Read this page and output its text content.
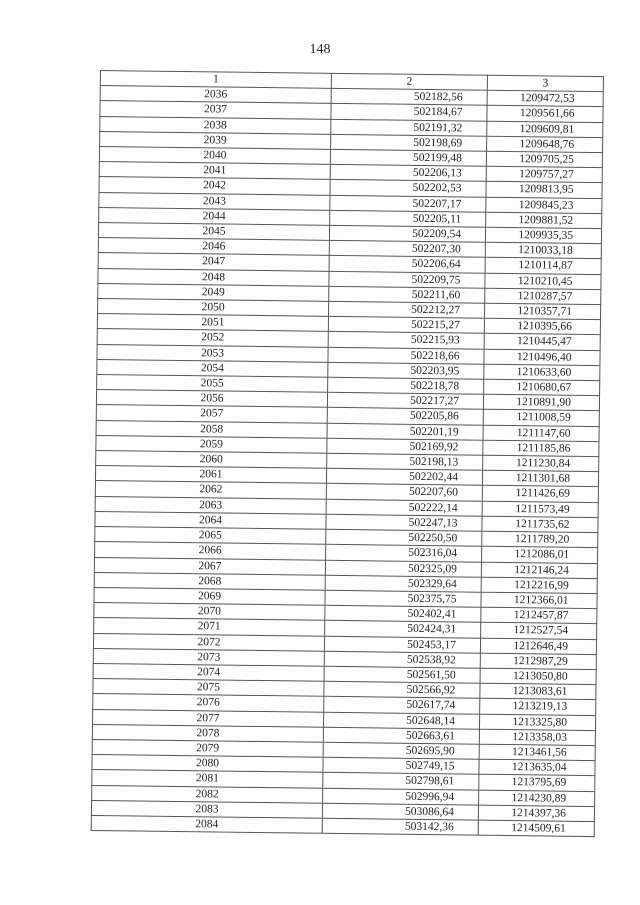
148
1	2	3
2036	502182,56	1209472,53
2037	502184,67	1209561,66
2038	502191,32	1209609,81
2039	502198,69	1209648,76
2040	502199,48	1209705,25
2041	502206,13	1209757,27
2042	502202,53	1209813,95
2043	502207,17	1209845,23
2044	502205,11	1209881,52
2045	502209,54	1209935,35
2046	502207,30	1210033,18
2047	502206,64	1210114,87
2048	502209,75	1210210,45
2049	502211,60	1210287,57
2050	502212,27	1210357,71
2051	502215,27	1210395,66
2052	502215,93	1210445,47
2053	502218,66	1210496,40
2054	502203,95	1210633,60
2055	502218,78	1210680,67
2056	502217,27	1210891,90
2057	502205,86	1211008,59
2058	502201,19	1211147,60
2059	502169,92	1211185,86
2060	502198,13	1211230,84
2061	502202,44	1211301,68
2062	502207,60	1211426,69
2063	502222,14	1211573,49
2064	502247,13	1211735,62
2065	502250,50	1211789,20
2066	502316,04	1212086,01
2067	502325,09	1212146,24
2068	502329,64	1212216,99
2069	502375,75	1212366,01
2070	502402,41	1212457,87
2071	502424,31	1212527,54
2072	502453,17	1212646,49
2073	502538,92	1212987,29
2074	502561,50	1213050,80
2075	502566,92	1213083,61
2076	502617,74	1213219,13
2077	502648,14	1213325,80
2078	502663,61	1213358,03
2079	502695,90	1213461,56
2080	502749,15	1213635,04
2081	502798,61	1213795,69
2082	502996,94	1214230,89
2083	503086,64	1214397,36
2084	503142,36	1214509,61
